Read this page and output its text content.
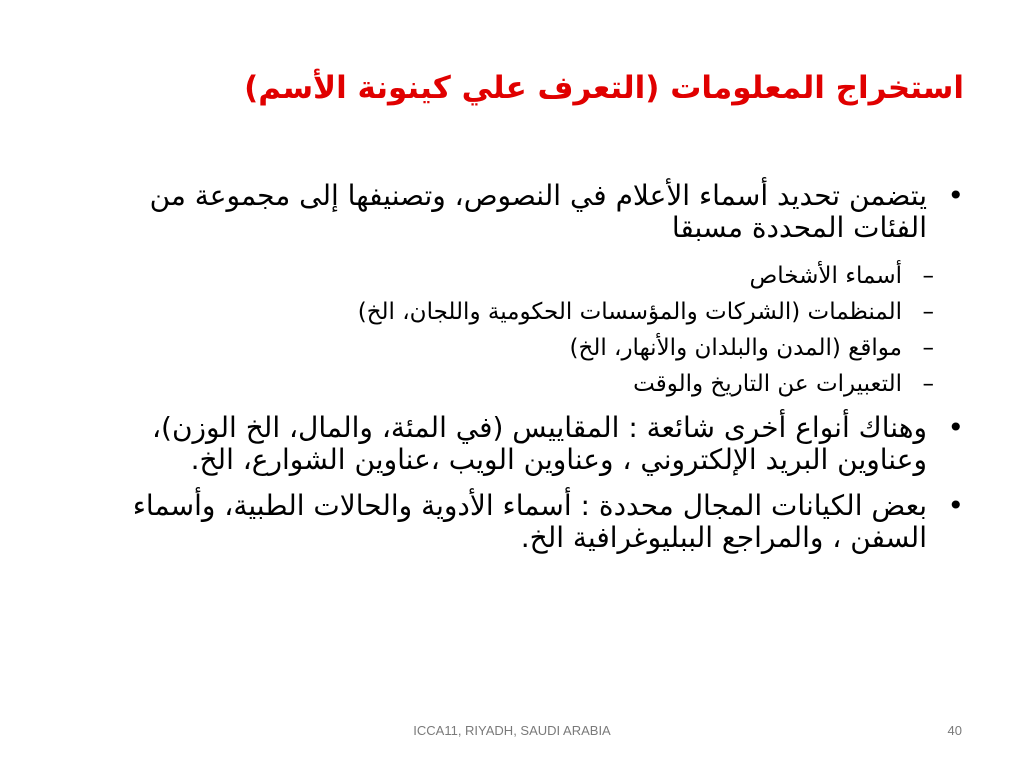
استخراج المعلومات (التعرف علي كينونة الأسم)
•
يتضمن تحديد أسماء الأعلام في النصوص، وتصنيفها إلى مجموعة من الفئات المحددة مسبقا
–
أسماء الأشخاص
–
المنظمات (الشركات والمؤسسات الحكومية واللجان، الخ)
–
مواقع (المدن والبلدان والأنهار، الخ)
–
التعبيرات عن التاريخ والوقت
•
وهناك أنواع أخرى شائعة : المقاييس (في المئة، والمال، الخ الوزن)، وعناوين البريد الإلكتروني ، وعناوين الويب ،عناوين الشوارع، الخ.
•
بعض الكيانات المجال محددة : أسماء الأدوية والحالات الطبية، وأسماء السفن ، والمراجع الببليوغرافية الخ.
ICCA11, RIYADH, SAUDI ARABIA	40
